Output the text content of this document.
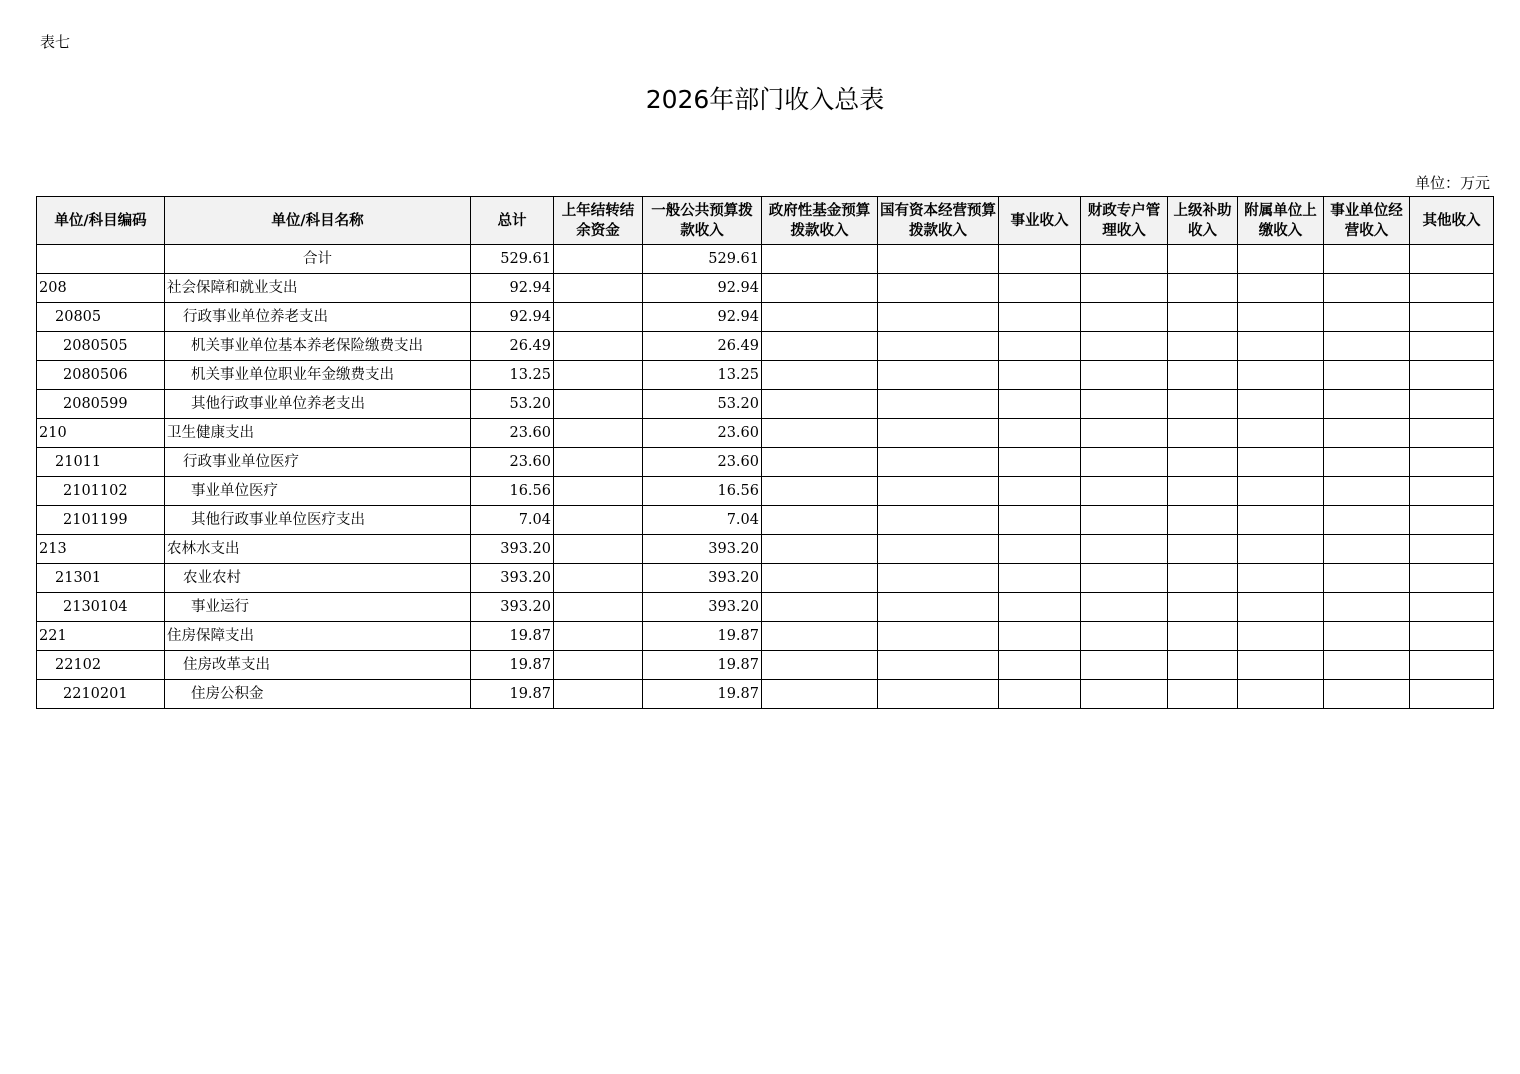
表七
2026年部门收入总表
单位：万元
单位/科目编码	单位/科目名称	总计	上年结转结余资金	一般公共预算拨款收入	政府性基金预算拨款收入	国有资本经营预算拨款收入	事业收入	财政专户管理收入	上级补助收入	附属单位上缴收入	事业单位经营收入	其他收入
	合计	529.61		529.61								
208	社会保障和就业支出	92.94		92.94								
20805	行政事业单位养老支出	92.94		92.94								
2080505	机关事业单位基本养老保险缴费支出	26.49		26.49								
2080506	机关事业单位职业年金缴费支出	13.25		13.25								
2080599	其他行政事业单位养老支出	53.20		53.20								
210	卫生健康支出	23.60		23.60								
21011	行政事业单位医疗	23.60		23.60								
2101102	事业单位医疗	16.56		16.56								
2101199	其他行政事业单位医疗支出	7.04		7.04								
213	农林水支出	393.20		393.20								
21301	农业农村	393.20		393.20								
2130104	事业运行	393.20		393.20								
221	住房保障支出	19.87		19.87								
22102	住房改革支出	19.87		19.87								
2210201	住房公积金	19.87		19.87								
